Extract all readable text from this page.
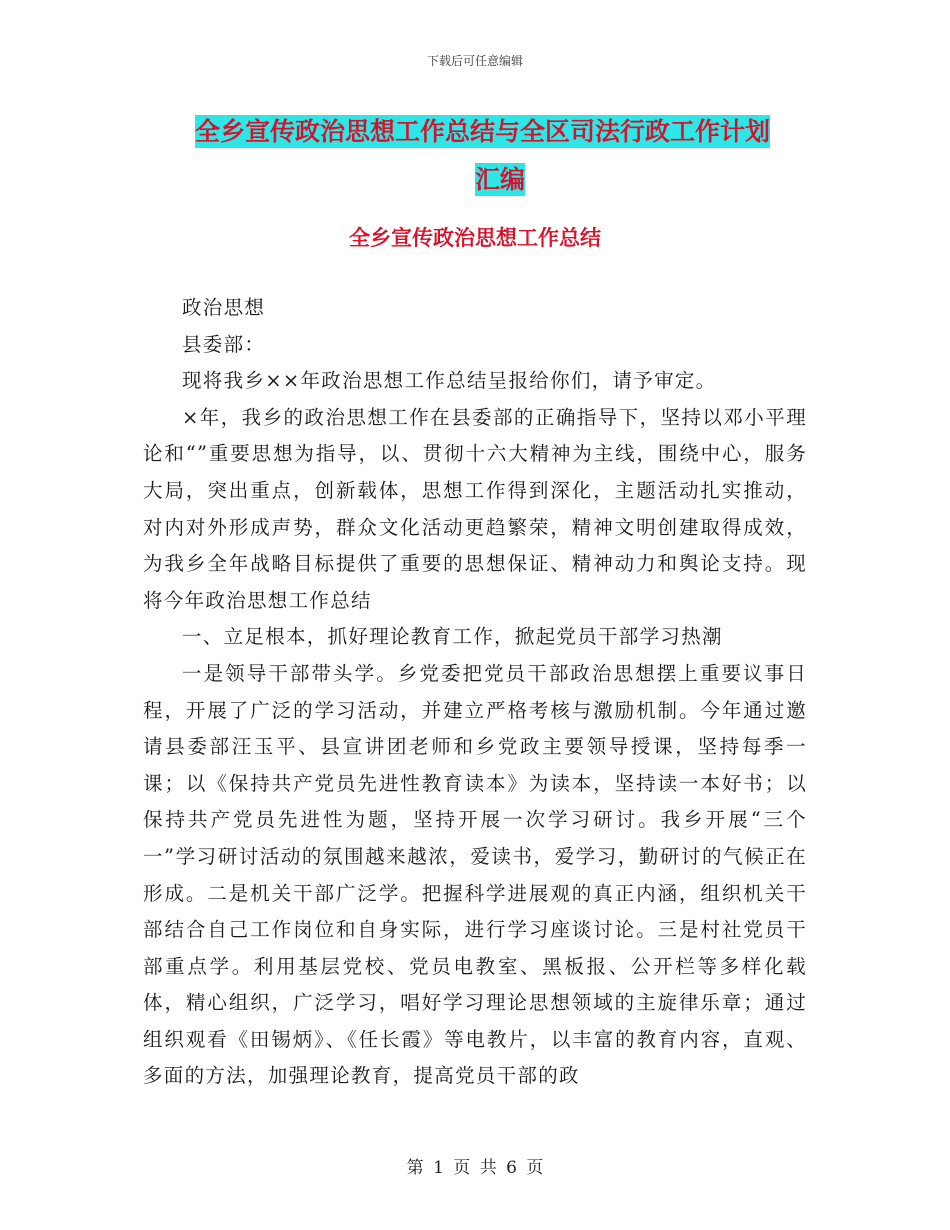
下载后可任意编辑
全乡宣传政治思想工作总结与全区司法行政工作计划
汇编
全乡宣传政治思想工作总结

政治思想

县委部：

现将我乡××年政治思想工作总结呈报给你们，请予审定。

×年，我乡的政治思想工作在县委部的正确指导下，坚持以邓小平理论和“”重要思想为指导，以、贯彻十六大精神为主线，围绕中心，服务大局，突出重点，创新载体，思想工作得到深化，主题活动扎实推动，对内对外形成声势，群众文化活动更趋繁荣，精神文明创建取得成效，为我乡全年战略目标提供了重要的思想保证、精神动力和舆论支持。现将今年政治思想工作总结

一、立足根本，抓好理论教育工作，掀起党员干部学习热潮

一是领导干部带头学。乡党委把党员干部政治思想摆上重要议事日程，开展了广泛的学习活动，并建立严格考核与激励机制。今年通过邀请县委部汪玉平、县宣讲团老师和乡党政主要领导授课，坚持每季一课；以《保持共产党员先进性教育读本》为读本，坚持读一本好书；以保持共产党员先进性为题，坚持开展一次学习研讨。我乡开展“三个一”学习研讨活动的氛围越来越浓，爱读书，爱学习，勤研讨的气候正在形成。二是机关干部广泛学。把握科学进展观的真正内涵，组织机关干部结合自己工作岗位和自身实际，进行学习座谈讨论。三是村社党员干部重点学。利用基层党校、党员电教室、黑板报、公开栏等多样化载体，精心组织，广泛学习，唱好学习理论思想领域的主旋律乐章；通过组织观看《田锡炳》、《任长霞》等电教片，以丰富的教育内容，直观、多面的方法，加强理论教育，提高党员干部的政

第 1 页 共 6 页
